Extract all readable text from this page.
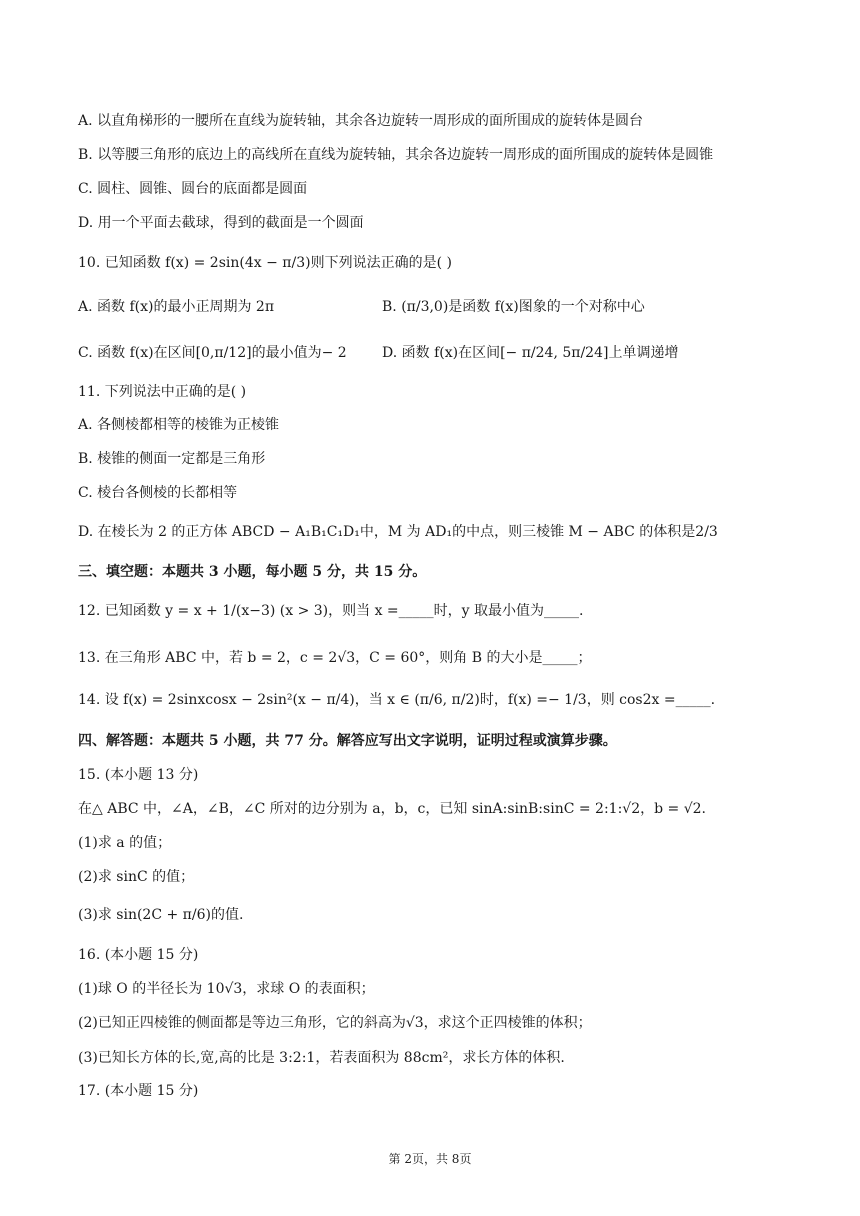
A. 以直角梯形的一腰所在直线为旋转轴，其余各边旋转一周形成的面所围成的旋转体是圆台
B. 以等腰三角形的底边上的高线所在直线为旋转轴，其余各边旋转一周形成的面所围成的旋转体是圆锥
C. 圆柱、圆锥、圆台的底面都是圆面
D. 用一个平面去截球，得到的截面是一个圆面
10. 已知函数 f(x) = 2sin(4x − π/3)则下列说法正确的是( )
A. 函数 f(x)的最小正周期为 2π	B. (π/3,0)是函数 f(x)图象的一个对称中心
C. 函数 f(x)在区间[0,π/12]的最小值为− 2	D. 函数 f(x)在区间[− π/24, 5π/24]上单调递增
11. 下列说法中正确的是( )
A. 各侧棱都相等的棱锥为正棱锥
B. 棱锥的侧面一定都是三角形
C. 棱台各侧棱的长都相等
D. 在棱长为 2 的正方体 ABCD − A₁B₁C₁D₁中，M 为 AD₁的中点，则三棱锥 M − ABC 的体积是2/3
三、填空题：本题共 3 小题，每小题 5 分，共 15 分。
12. 已知函数 y = x + 1/(x−3) (x > 3)，则当 x =_____时，y 取最小值为_____.
13. 在三角形 ABC 中，若 b = 2，c = 2√3，C = 60°，则角 B 的大小是_____；
14. 设 f(x) = 2sinxcosx − 2sin²(x − π/4)，当 x ∈ (π/6, π/2)时，f(x) =− 1/3，则 cos2x =_____.
四、解答题：本题共 5 小题，共 77 分。解答应写出文字说明，证明过程或演算步骤。
15. (本小题 13 分)
在△ ABC 中，∠A，∠B，∠C 所对的边分别为 a，b，c，已知 sinA:sinB:sinC = 2:1:√2，b = √2.
(1)求 a 的值；
(2)求 sinC 的值；
(3)求 sin(2C + π/6)的值.
16. (本小题 15 分)
(1)球 O 的半径长为 10√3，求球 O 的表面积；
(2)已知正四棱锥的侧面都是等边三角形，它的斜高为√3，求这个正四棱锥的体积；
(3)已知长方体的长,宽,高的比是 3:2:1，若表面积为 88cm²，求长方体的体积.
17. (本小题 15 分)
第 2页，共 8页
